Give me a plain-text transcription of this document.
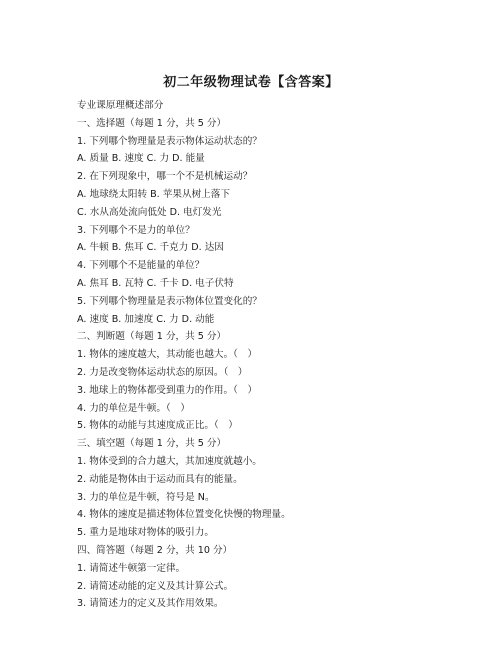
初二年级物理试卷【含答案】
专业课原理概述部分
一、选择题（每题 1 分，共 5 分）
1. 下列哪个物理量是表示物体运动状态的？
A. 质量 B. 速度 C. 力 D. 能量
2. 在下列现象中，哪一个不是机械运动？
A. 地球绕太阳转 B. 苹果从树上落下
C. 水从高处流向低处 D. 电灯发光
3. 下列哪个不是力的单位？
A. 牛顿 B. 焦耳 C. 千克力 D. 达因
4. 下列哪个不是能量的单位？
A. 焦耳 B. 瓦特 C. 千卡 D. 电子伏特
5. 下列哪个物理量是表示物体位置变化的？
A. 速度 B. 加速度 C. 力 D. 动能
二、判断题（每题 1 分，共 5 分）
1. 物体的速度越大，其动能也越大。（　）
2. 力是改变物体运动状态的原因。（　）
3. 地球上的物体都受到重力的作用。（　）
4. 力的单位是牛顿。（　）
5. 物体的动能与其速度成正比。（　）
三、填空题（每题 1 分，共 5 分）
1. 物体受到的合力越大，其加速度就越小。
2. 动能是物体由于运动而具有的能量。
3. 力的单位是牛顿，符号是 N。
4. 物体的速度是描述物体位置变化快慢的物理量。
5. 重力是地球对物体的吸引力。
四、简答题（每题 2 分，共 10 分）
1. 请简述牛顿第一定律。
2. 请简述动能的定义及其计算公式。
3. 请简述力的定义及其作用效果。
